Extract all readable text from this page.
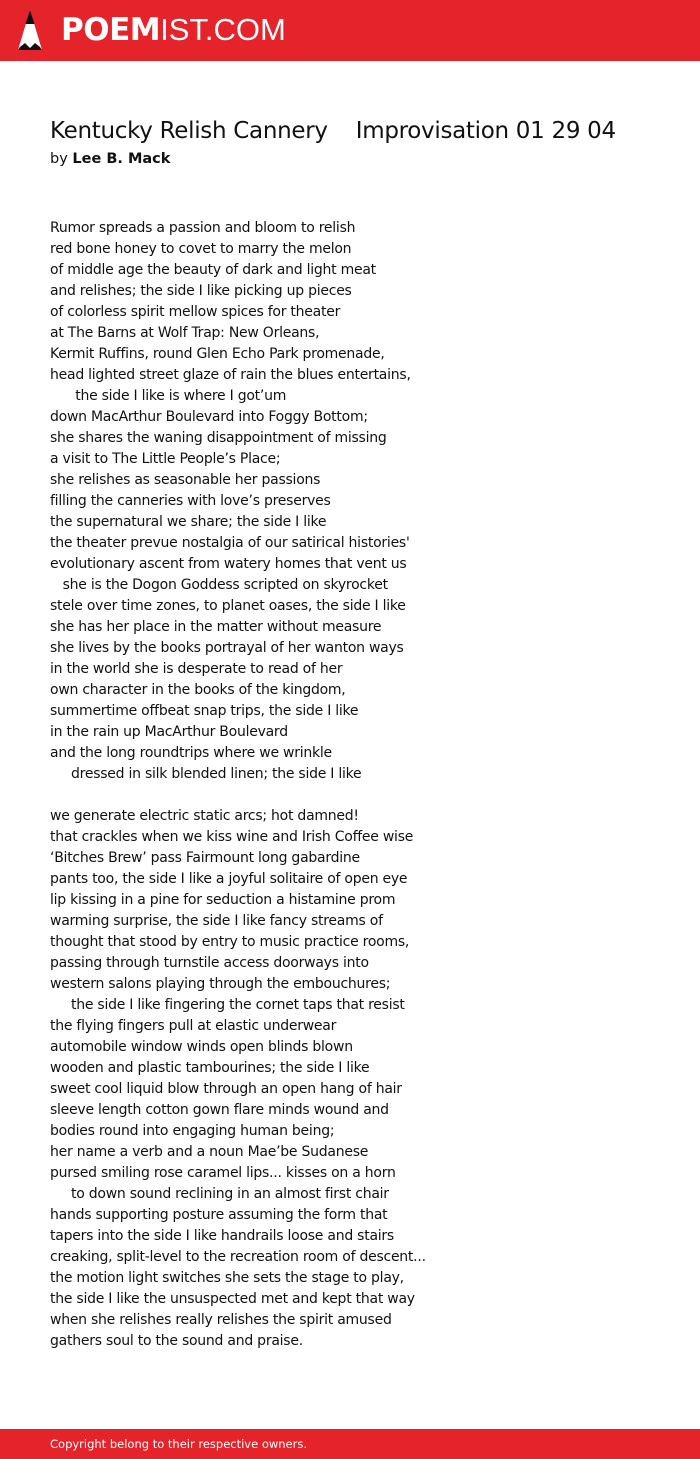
POEMIST.COM
Kentucky Relish Cannery    Improvisation 01 29 04
by Lee B. Mack
Rumor spreads a passion and bloom to relish
red bone honey to covet to marry the melon
of middle age the beauty of dark and light meat
and relishes; the side I like picking up pieces
of colorless spirit mellow spices for theater
at The Barns at Wolf Trap: New Orleans,
Kermit Ruffins, round Glen Echo Park promenade,
head lighted street glaze of rain the blues entertains,
the side I like is where I got’um
down MacArthur Boulevard into Foggy Bottom;
she shares the waning disappointment of missing
a visit to The Little People’s Place;
she relishes as seasonable her passions
filling the canneries with love’s preserves
the supernatural we share; the side I like
the theater prevue nostalgia of our satirical histories'
evolutionary ascent from watery homes that vent us
she is the Dogon Goddess scripted on skyrocket
stele over time zones, to planet oases, the side I like
she has her place in the matter without measure
she lives by the books portrayal of her wanton ways
in the world she is desperate to read of her
own character in the books of the kingdom,
summertime offbeat snap trips, the side I like
in the rain up MacArthur Boulevard
and the long roundtrips where we wrinkle
dressed in silk blended linen; the side I like
we generate electric static arcs; hot damned!
that crackles when we kiss wine and Irish Coffee wise
‘Bitches Brew’ pass Fairmount long gabardine
pants too, the side I like a joyful solitaire of open eye
lip kissing in a pine for seduction a histamine prom
warming surprise, the side I like fancy streams of
thought that stood by entry to music practice rooms,
passing through turnstile access doorways into
western salons playing through the embouchures;
the side I like fingering the cornet taps that resist
the flying fingers pull at elastic underwear
automobile window winds open blinds blown
wooden and plastic tambourines; the side I like
sweet cool liquid blow through an open hang of hair
sleeve length cotton gown flare minds wound and
bodies round into engaging human being;
her name a verb and a noun Mae’be Sudanese
pursed smiling rose caramel lips... kisses on a horn
to down sound reclining in an almost first chair
hands supporting posture assuming the form that
tapers into the side I like handrails loose and stairs
creaking, split-level to the recreation room of descent...
the motion light switches she sets the stage to play,
the side I like the unsuspected met and kept that way
when she relishes really relishes the spirit amused
gathers soul to the sound and praise.
Copyright belong to their respective owners.
